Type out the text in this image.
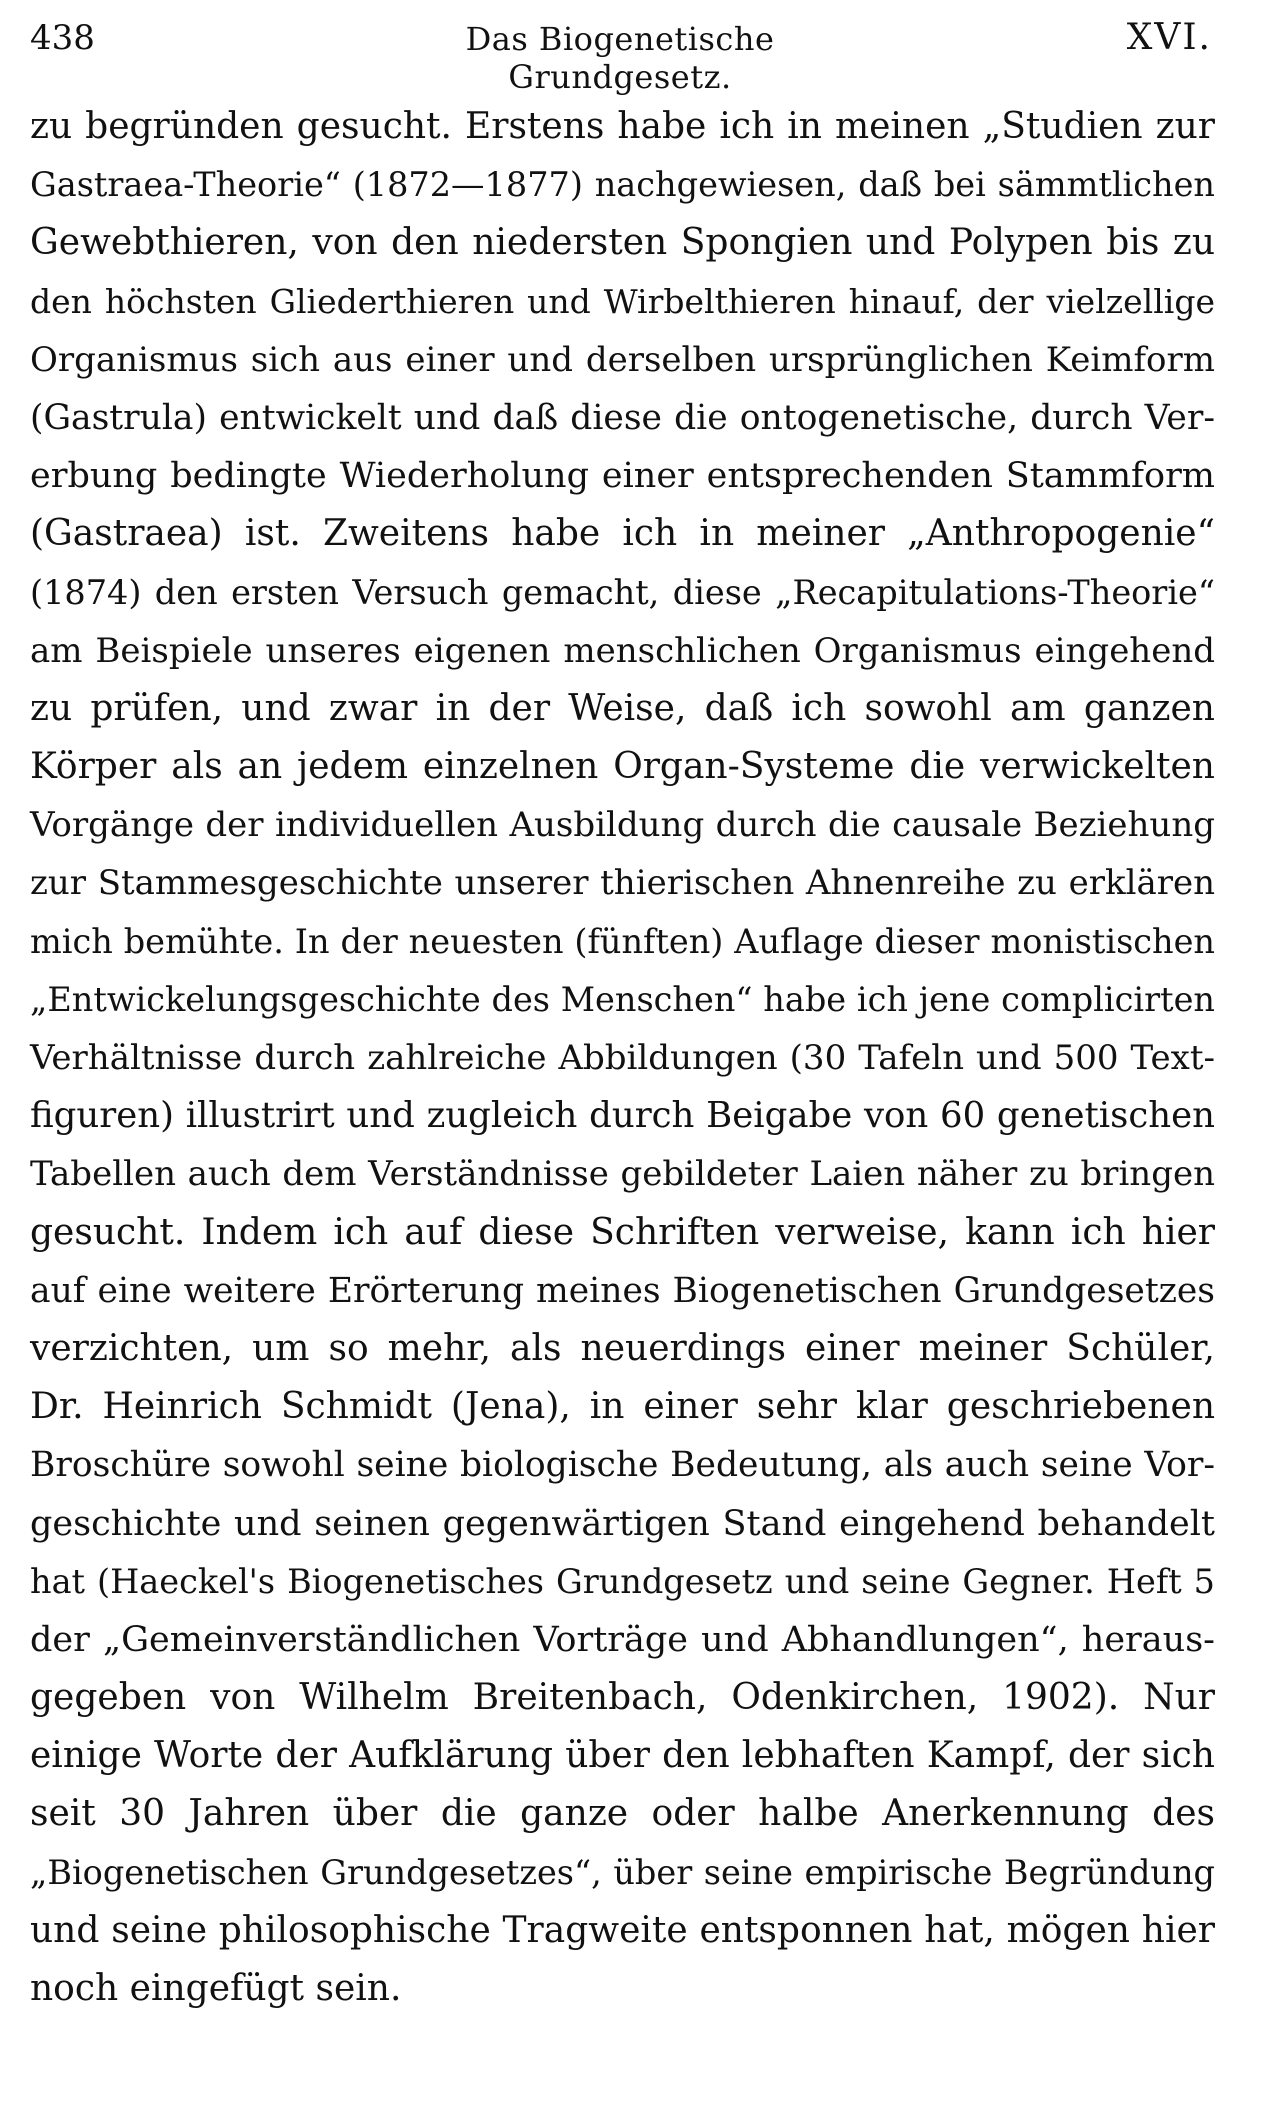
438	Das Biogenetische Grundgesetz.
XVI.
zu begründen gesucht. Erstens habe ich in meinen „Studien zur
Gastraea-Theorie“ (1872—1877) nachgewiesen, daß bei sämmtlichen
Gewebthieren, von den niedersten Spongien und Polypen bis zu
den höchsten Gliederthieren und Wirbelthieren hinauf, der vielzellige
Organismus sich aus einer und derselben ursprünglichen Keimform
(Gastrula) entwickelt und daß diese die ontogenetische, durch Ver-
erbung bedingte Wiederholung einer entsprechenden Stammform
(Gastraea) ist. Zweitens habe ich in meiner „Anthropogenie“
(1874) den ersten Versuch gemacht, diese „Recapitulations-Theorie“
am Beispiele unseres eigenen menschlichen Organismus eingehend
zu prüfen, und zwar in der Weise, daß ich sowohl am ganzen
Körper als an jedem einzelnen Organ-Systeme die verwickelten
Vorgänge der individuellen Ausbildung durch die causale Beziehung
zur Stammesgeschichte unserer thierischen Ahnenreihe zu erklären
mich bemühte. In der neuesten (fünften) Auflage dieser monistischen
„Entwickelungsgeschichte des Menschen“ habe ich jene complicirten
Verhältnisse durch zahlreiche Abbildungen (30 Tafeln und 500 Text-
figuren) illustrirt und zugleich durch Beigabe von 60 genetischen
Tabellen auch dem Verständnisse gebildeter Laien näher zu bringen
gesucht. Indem ich auf diese Schriften verweise, kann ich hier
auf eine weitere Erörterung meines Biogenetischen Grundgesetzes
verzichten, um so mehr, als neuerdings einer meiner Schüler,
Dr. Heinrich Schmidt (Jena), in einer sehr klar geschriebenen
Broschüre sowohl seine biologische Bedeutung, als auch seine Vor-
geschichte und seinen gegenwärtigen Stand eingehend behandelt
hat (Haeckel's Biogenetisches Grundgesetz und seine Gegner. Heft 5
der „Gemeinverständlichen Vorträge und Abhandlungen“, heraus-
gegeben von Wilhelm Breitenbach, Odenkirchen, 1902). Nur
einige Worte der Aufklärung über den lebhaften Kampf, der sich
seit 30 Jahren über die ganze oder halbe Anerkennung des
„Biogenetischen Grundgesetzes“, über seine empirische Begründung
und seine philosophische Tragweite entsponnen hat, mögen hier
noch eingefügt sein.
